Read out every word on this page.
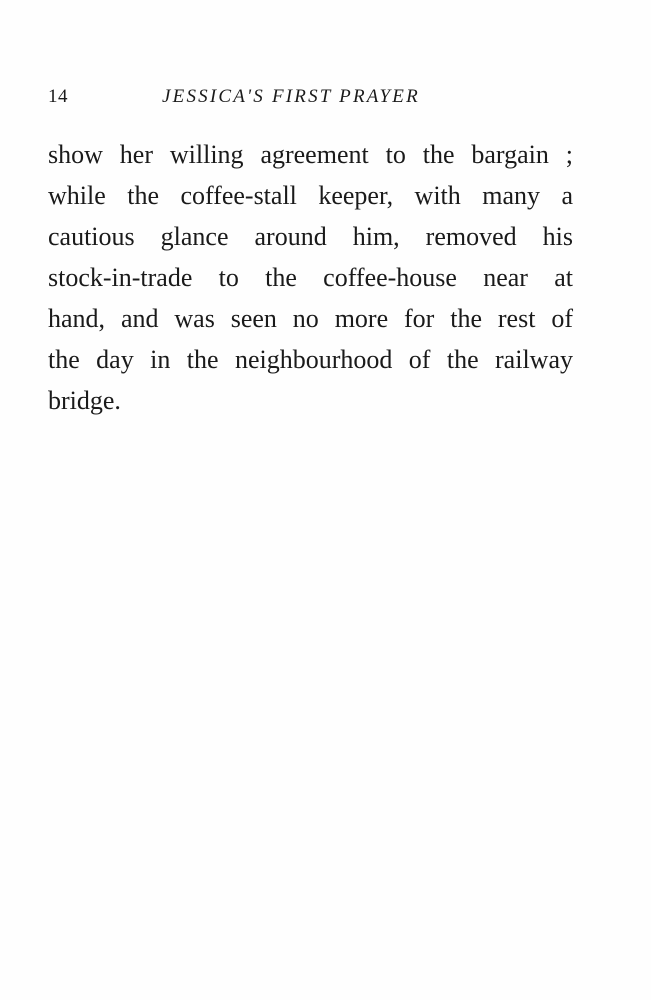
14	JESSICA'S FIRST PRAYER
show her willing agreement to the bargain ;
while the coffee-stall keeper, with many a
cautious glance around him, removed his
stock-in-trade to the coffee-house near at
hand, and was seen no more for the rest of
the day in the neighbourhood of the railway
bridge.
